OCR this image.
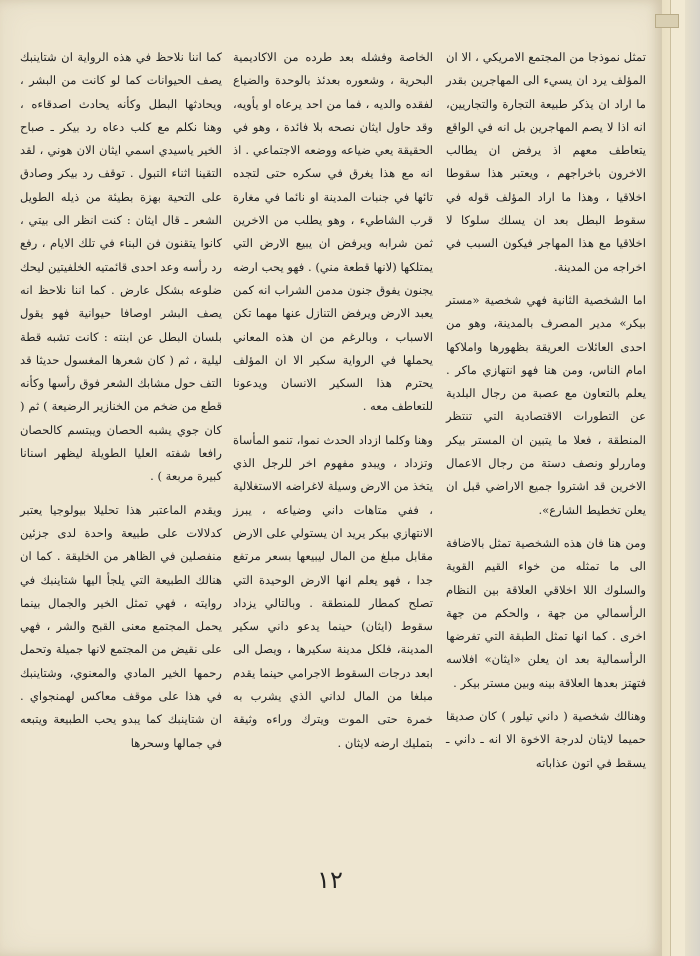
تمثل نموذجا من المجتمع الامريكي ، الا ان المؤلف يرد ان يسيء الى المهاجرين بقدر ما اراد ان يذكر طبيعة التجارة والتجاريين، انه اذا لا يصم المهاجرين بل انه في الواقع يتعاطف معهم اذ يرفض ان يطالب الاخرون باخراجهم ، ويعتبر هذا سقوطا اخلاقيا ، وهذا ما اراد المؤلف قوله في سقوط البطل بعد ان يسلك سلوكا لا اخلاقيا مع هذا المهاجر فيكون السبب في اخراجه من المدينة.

اما الشخصية الثانية فهي شخصية «مستر بيكر» مدير المصرف بالمدينة، وهو من احدى العائلات العريقة بظهورها واملاكها امام الناس، ومن هنا فهو انتهازي ماكر . يعلم بالتعاون مع عصبة من رجال البلدية عن التطورات الاقتصادية التي تنتظر المنطقة ، فعلا ما يتبين ان المستر بيكر وماررلو ونصف دستة من رجال الاعمال الاخرين قد اشتروا جميع الاراضي قبل ان يعلن تخطيط الشارع».

ومن هنا فان هذه الشخصية تمثل بالاضافة الى ما تمثله من خواء القيم القوية والسلوك اللا اخلاقي العلاقة بين النظام الرأسمالي من جهة ، والحكم من جهة اخرى . كما انها تمثل الطبقة التي تفرضها الرأسمالية بعد ان يعلن «ايثان» افلاسه فتهتز بعدها العلاقة بينه وبين مستر بيكر .

وهنالك شخصية ( داني تيلور ) كان صديقا حميما لايثان لدرجة الاخوة الا انه ـ داني ـ يسقط في اتون عذاباته

الخاصة وفشله بعد طرده من الاكاديمية البحرية ، وشعوره بعدئذ بالوحدة والضياع لفقده والديه ، فما من احد يرعاه او يأويه، وقد حاول ايثان نصحه بلا فائدة ، وهو في الحقيقة يعي ضياعه ووضعه الاجتماعي . اذ انه مع هذا يغرق في سكره حتى لتجده تائها في جنبات المدينة او نائما في مغارة قرب الشاطيء ، وهو يطلب من الاخرين ثمن شرابه ويرفض ان يبيع الارض التي يمتلكها (لانها قطعة مني) . فهو يحب ارضه يجنون يفوق جنون مدمن الشراب انه كمن يعبد الارض ويرفض التنازل عنها مهما تكن الاسباب ، وبالرغم من ان هذه المعاني يحملها في الرواية سكير الا ان المؤلف يحترم هذا السكير الانسان ويدعونا للتعاطف معه .

وهنا وكلما ازداد الحدث نموا، تنمو المأساة وتزداد ، ويبدو مفهوم اخر للرجل الذي يتخذ من الارض وسيلة لاغراضه الاستغلالية ، ففي متاهات داني وضياعه ، يبرز الانتهازي بيكر يريد ان يستولي على الارض مقابل مبلغ من المال ليبيعها بسعر مرتفع جدا ، فهو يعلم انها الارض الوحيدة التي تصلح كمطار للمنطقة . وبالتالي يزداد سقوط (ايثان) حينما يدعو داني سكير المدينة، فلكل مدينة سكيرها ، ويصل الى ابعد درجات السقوط الاجرامي حينما يقدم مبلغا من المال لداني الذي يشرب به خمرة حتى الموت ويترك وراءه وثيقة بتمليك ارضه لايثان .

كما اننا نلاحظ في هذه الرواية ان شتاينبك يصف الحيوانات كما لو كانت من البشر ، ويحادثها البطل وكأنه يحادث اصدقاءه ، وهنا نكلم مع كلب دعاه رد بيكر ـ صباح الخير ياسيدي اسمي ايثان الان هوني ، لقد التقينا اثناء التبول . توقف رد بيكر وصادق على التحية بهزة بطيئة من ذيله الطويل الشعر ـ قال ايثان : كنت انظر الى بيتي ، كانوا يتقنون فن البناء في تلك الايام ، رفع رد رأسه وعد احدى قائمتيه الخلفيتين ليحك ضلوعه بشكل عارض . كما اننا نلاحظ انه يصف البشر اوصافا حيوانية فهو يقول بلسان البطل عن ابنته : كانت تشبه قطة ليلية ، ثم ( كان شعرها المغسول حديثا قد التف حول مشابك الشعر فوق رأسها وكأنه قطع من ضخم من الخنازير الرضيعة ) ثم ( كان جوي يشبه الحصان ويبتسم كالحصان رافعا شفته العليا الطويلة ليظهر اسنانا كبيرة مربعة ) .

ويقدم الماعتبر هذا تحليلا بيولوجيا يعتبر كدلالات على طبيعة واحدة لدى جزئين منفصلين في الظاهر من الخليقة . كما ان هنالك الطبيعة التي يلجأ اليها شتاينبك في روايته ، فهي تمثل الخير والجمال بينما يحمل المجتمع معنى القبح والشر ، فهي على نقيض من المجتمع لانها جميلة وتحمل رحمها الخير المادي والمعنوي، وشتاينبك في هذا على موقف معاكس لهمنجواي . ان شتاينبك كما يبدو يحب الطبيعة ويتبعه في جمالها وسحرها

١٢
